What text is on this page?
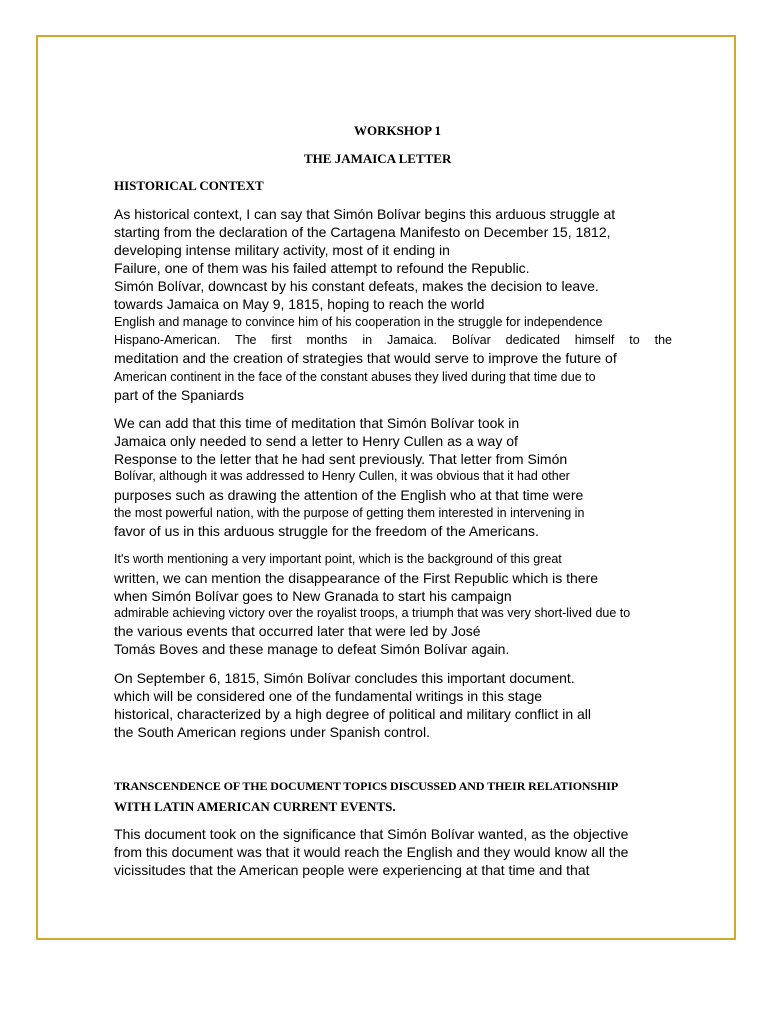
WORKSHOP 1
THE JAMAICA LETTER
HISTORICAL CONTEXT
As historical context, I can say that Simón Bolívar begins this arduous struggle at
starting from the declaration of the Cartagena Manifesto on December 15, 1812,
developing intense military activity, most of it ending in
Failure, one of them was his failed attempt to refound the Republic.
Simón Bolívar, downcast by his constant defeats, makes the decision to leave.
towards Jamaica on May 9, 1815, hoping to reach the world
English and manage to convince him of his cooperation in the struggle for independence
Hispano-American. The first months in Jamaica. Bolívar dedicated himself to the
meditation and the creation of strategies that would serve to improve the future of
American continent in the face of the constant abuses they lived during that time due to
part of the Spaniards
We can add that this time of meditation that Simón Bolívar took in
Jamaica only needed to send a letter to Henry Cullen as a way of
Response to the letter that he had sent previously. That letter from Simón
Bolívar, although it was addressed to Henry Cullen, it was obvious that it had other
purposes such as drawing the attention of the English who at that time were
the most powerful nation, with the purpose of getting them interested in intervening in
favor of us in this arduous struggle for the freedom of the Americans.
It's worth mentioning a very important point, which is the background of this great
written, we can mention the disappearance of the First Republic which is there
when Simón Bolívar goes to New Granada to start his campaign
admirable achieving victory over the royalist troops, a triumph that was very short-lived due to
the various events that occurred later that were led by José
Tomás Boves and these manage to defeat Simón Bolívar again.
On September 6, 1815, Simón Bolívar concludes this important document.
which will be considered one of the fundamental writings in this stage
historical, characterized by a high degree of political and military conflict in all
the South American regions under Spanish control.
TRANSCENDENCE OF THE DOCUMENT TOPICS DISCUSSED AND THEIR RELATIONSHIP
WITH LATIN AMERICAN CURRENT EVENTS.
This document took on the significance that Simón Bolívar wanted, as the objective
from this document was that it would reach the English and they would know all the
vicissitudes that the American people were experiencing at that time and that
